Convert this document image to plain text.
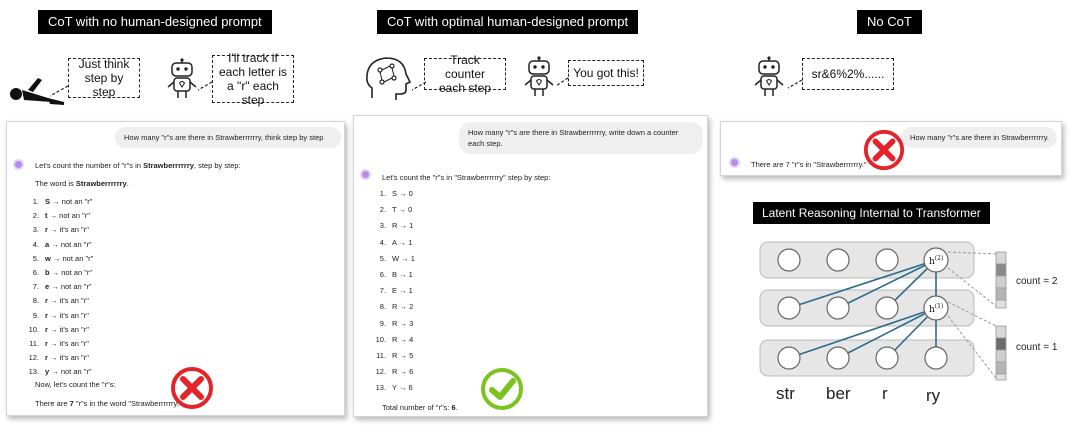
CoT with no human-designed prompt	CoT with optimal human-designed prompt	No CoT
Just think
step by step
I'll track if
each letter is
a "r" each step
Track counter
each step
You got this!	sr&6%2%......
How many "r"s are there in Strawberrrrrry, think step by step
Let's count the number of "r"s in Strawberrrrrry, step by step:
The word is Strawberrrrrry.
1. S → not an "r"
2. t → not an "r"
3. r → it's an "r"
4. a → not an "r"
5. w → not an "r"
6. b → not an "r"
7. e → not an "r"
8. r → it's an "r"
9. r → it's an "r"
10. r → it's an "r"
11. r → it's an "r"
12. r → it's an "r"
13. y → not an "r"
Now, let's count the "r"s:
There are 7 "r"s in the word "Strawberrrrrry."
How many "r"s are there in Strawberrrrrry, write down a counter
each step.
Let's count the "r"s in "Strawberrrrrry" step by step:
1. S → 0
2. T → 0
3. R → 1
4. A → 1
5. W → 1
6. B → 1
7. E → 1
8. R → 2
9. R → 3
10. R → 4
11. R → 5
12. R → 6
13. Y → 6
Total number of "r"s: 6.
How many "r"s are there in Strawberrrrrry.
There are 7 "r"s in "Strawberrrrrry."
Latent Reasoning Internal to Transformer
$h^{(2)}$
$h^{(1)}$
count = 2
count = 1
str ber r ry
